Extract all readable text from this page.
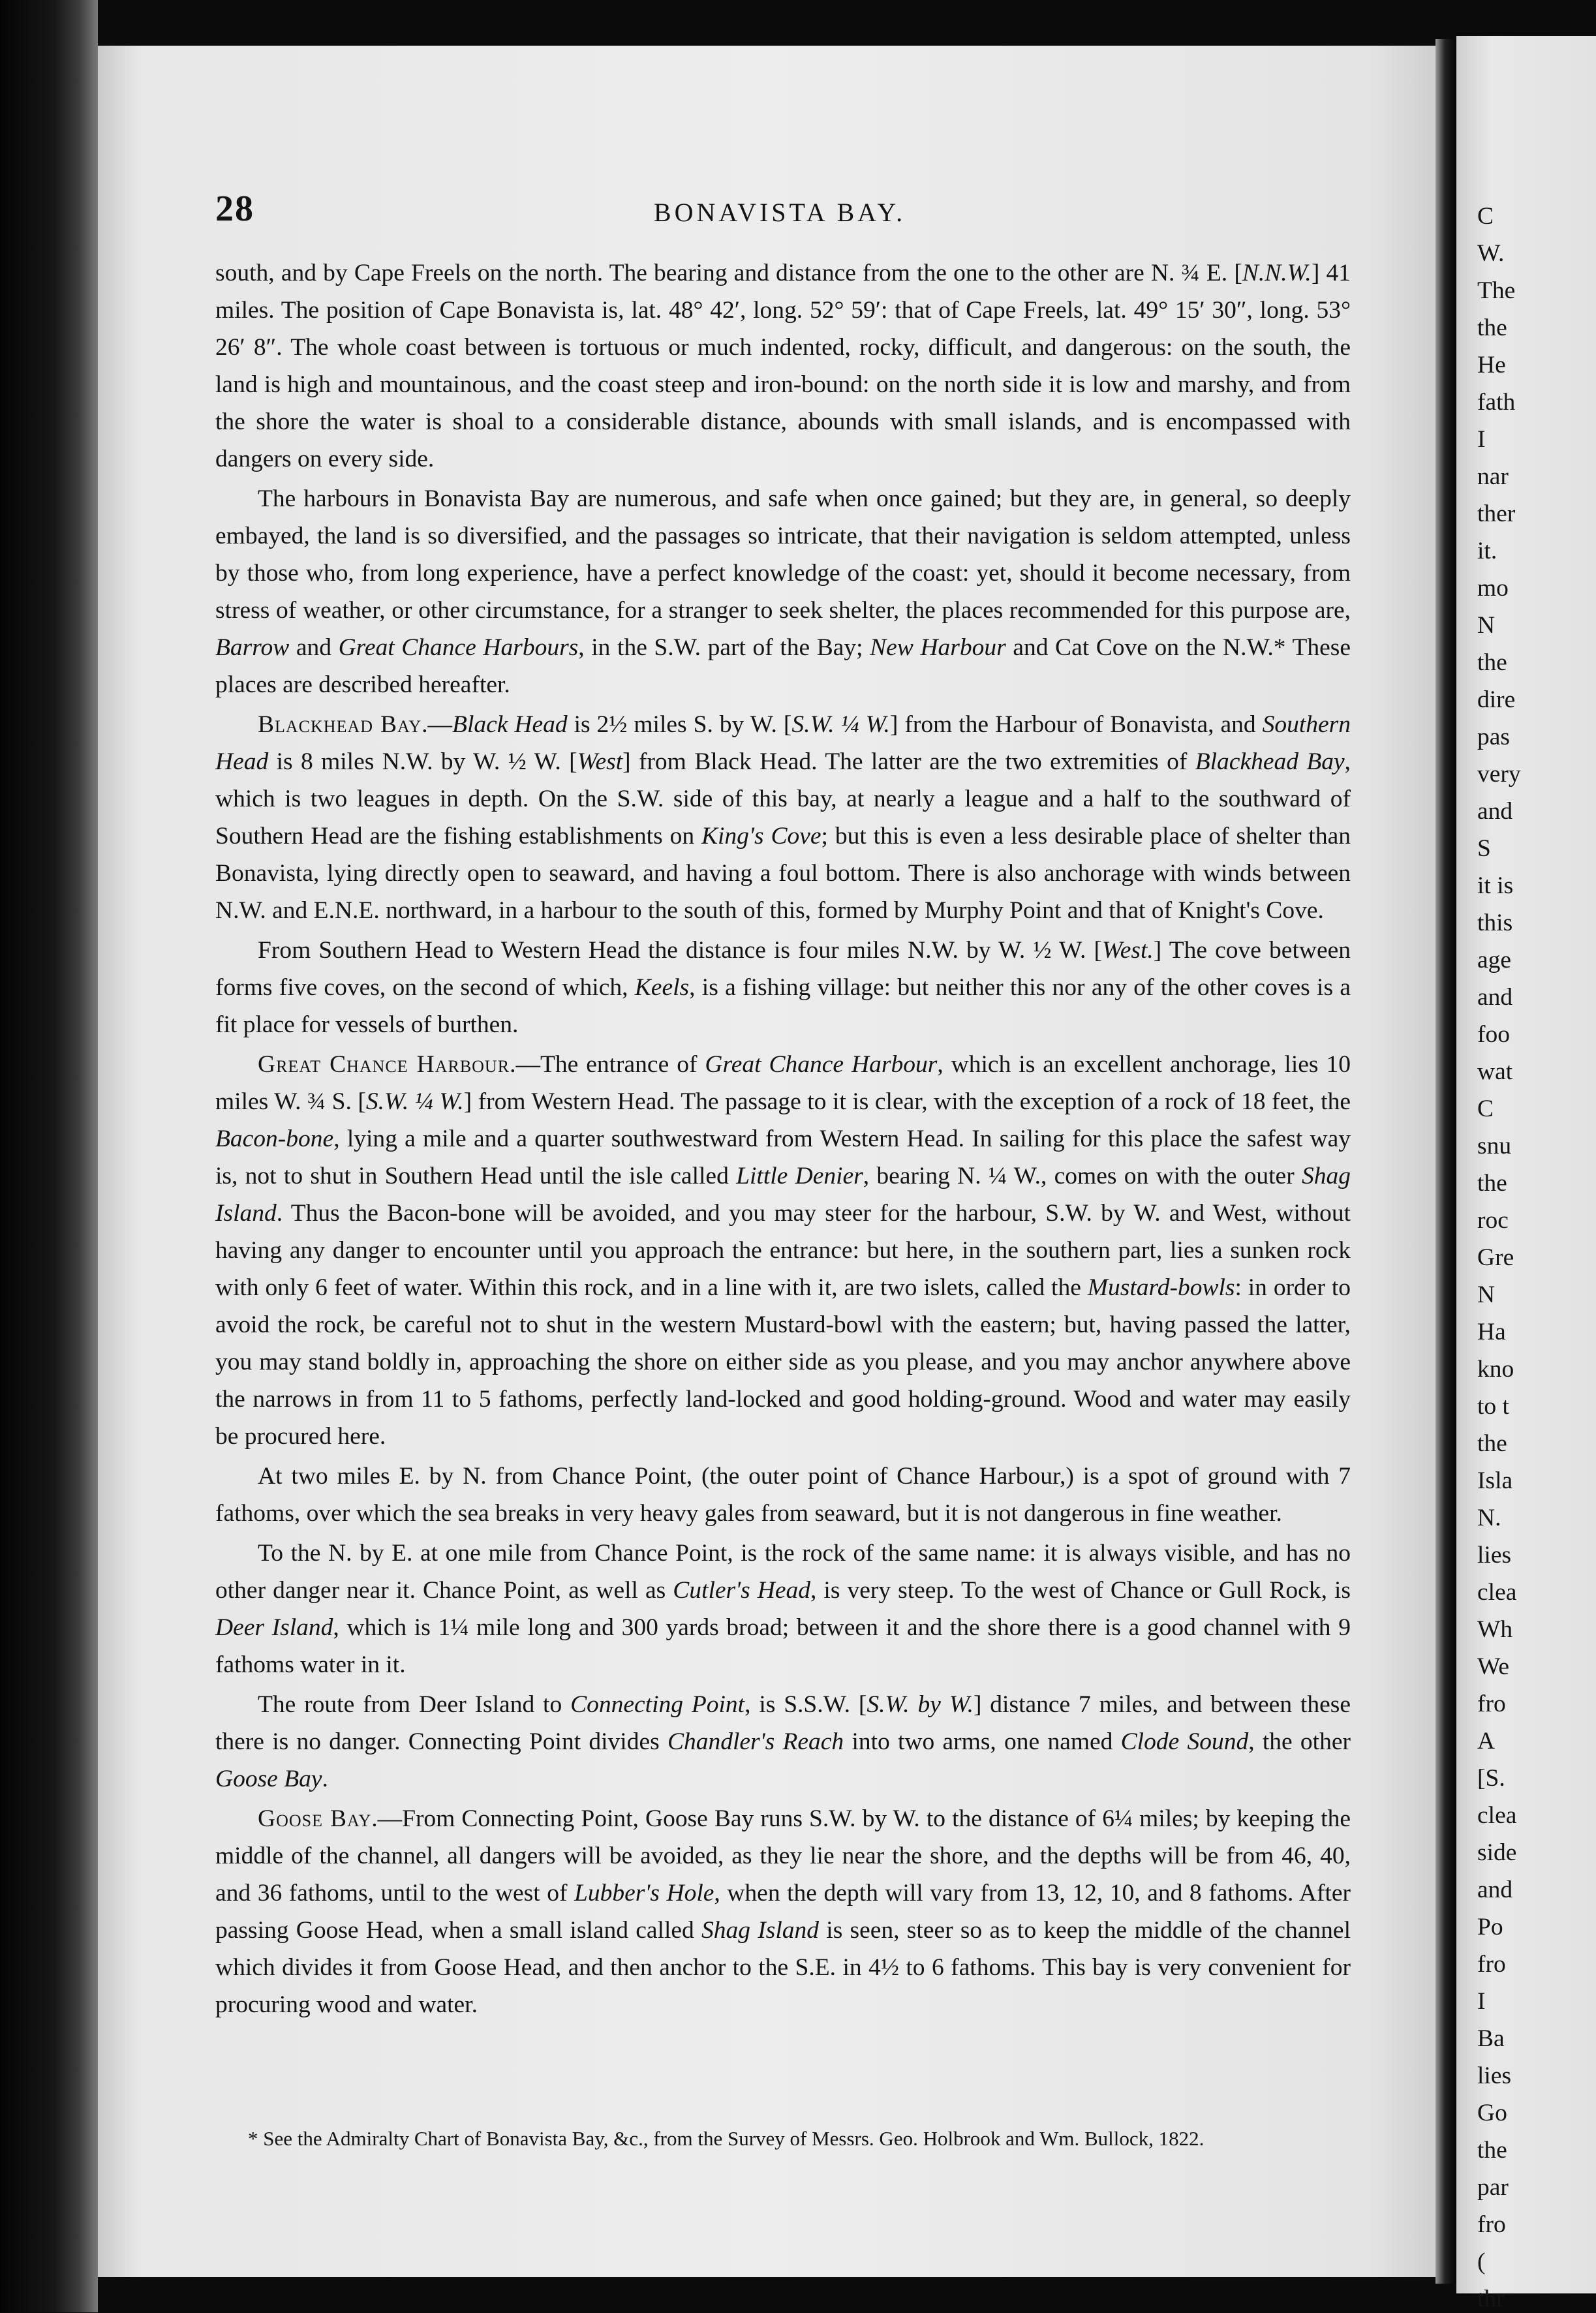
28	BONAVISTA BAY.

south, and by Cape Freels on the north. The bearing and distance from the one to the other are N. ¾ E. [N.N.W.] 41 miles. The position of Cape Bonavista is, lat. 48° 42′, long. 52° 59′: that of Cape Freels, lat. 49° 15′ 30″, long. 53° 26′ 8″. The whole coast between is tortuous or much indented, rocky, difficult, and dangerous: on the south, the land is high and mountainous, and the coast steep and iron-bound: on the north side it is low and marshy, and from the shore the water is shoal to a considerable distance, abounds with small islands, and is encompassed with dangers on every side.

The harbours in Bonavista Bay are numerous, and safe when once gained; but they are, in general, so deeply embayed, the land is so diversified, and the passages so intricate, that their navigation is seldom attempted, unless by those who, from long experience, have a perfect knowledge of the coast: yet, should it become necessary, from stress of weather, or other circumstance, for a stranger to seek shelter, the places recommended for this purpose are, Barrow and Great Chance Harbours, in the S.W. part of the Bay; New Harbour and Cat Cove on the N.W.* These places are described hereafter.

Blackhead Bay.—Black Head is 2½ miles S. by W. [S.W. ¼ W.] from the Harbour of Bonavista, and Southern Head is 8 miles N.W. by W. ½ W. [West] from Black Head. The latter are the two extremities of Blackhead Bay, which is two leagues in depth. On the S.W. side of this bay, at nearly a league and a half to the southward of Southern Head are the fishing establishments on King's Cove; but this is even a less desirable place of shelter than Bonavista, lying directly open to seaward, and having a foul bottom. There is also anchorage with winds between N.W. and E.N.E. northward, in a harbour to the south of this, formed by Murphy Point and that of Knight's Cove.

From Southern Head to Western Head the distance is four miles N.W. by W. ½ W. [West.] The cove between forms five coves, on the second of which, Keels, is a fishing village: but neither this nor any of the other coves is a fit place for vessels of burthen.

Great Chance Harbour.—The entrance of Great Chance Harbour, which is an excellent anchorage, lies 10 miles W. ¾ S. [S.W. ¼ W.] from Western Head. The passage to it is clear, with the exception of a rock of 18 feet, the Bacon-bone, lying a mile and a quarter southwestward from Western Head. In sailing for this place the safest way is, not to shut in Southern Head until the isle called Little Denier, bearing N. ¼ W., comes on with the outer Shag Island. Thus the Bacon-bone will be avoided, and you may steer for the harbour, S.W. by W. and West, without having any danger to encounter until you approach the entrance: but here, in the southern part, lies a sunken rock with only 6 feet of water. Within this rock, and in a line with it, are two islets, called the Mustard-bowls: in order to avoid the rock, be careful not to shut in the western Mustard-bowl with the eastern; but, having passed the latter, you may stand boldly in, approaching the shore on either side as you please, and you may anchor anywhere above the narrows in from 11 to 5 fathoms, perfectly land-locked and good holding-ground. Wood and water may easily be procured here.

At two miles E. by N. from Chance Point, (the outer point of Chance Harbour,) is a spot of ground with 7 fathoms, over which the sea breaks in very heavy gales from seaward, but it is not dangerous in fine weather.

To the N. by E. at one mile from Chance Point, is the rock of the same name: it is always visible, and has no other danger near it. Chance Point, as well as Cutler's Head, is very steep. To the west of Chance or Gull Rock, is Deer Island, which is 1¼ mile long and 300 yards broad; between it and the shore there is a good channel with 9 fathoms water in it.

The route from Deer Island to Connecting Point, is S.S.W. [S.W. by W.] distance 7 miles, and between these there is no danger. Connecting Point divides Chandler's Reach into two arms, one named Clode Sound, the other Goose Bay.

Goose Bay.—From Connecting Point, Goose Bay runs S.W. by W. to the distance of 6¼ miles; by keeping the middle of the channel, all dangers will be avoided, as they lie near the shore, and the depths will be from 46, 40, and 36 fathoms, until to the west of Lubber's Hole, when the depth will vary from 13, 12, 10, and 8 fathoms. After passing Goose Head, when a small island called Shag Island is seen, steer so as to keep the middle of the channel which divides it from Goose Head, and then anchor to the S.E. in 4½ to 6 fathoms. This bay is very convenient for procuring wood and water.

* See the Admiralty Chart of Bonavista Bay, &c., from the Survey of Messrs. Geo. Holbrook and Wm. Bullock, 1822.
C
W.
The
the
He
fath
I
nar
ther
it.
mo
N
the
dire
pas
very
and
S
it is
this
age
and
foo
wat
C
snu
the
roc
Gre
N
Ha
kno
to t
the
Isla
N.
lies
clea
Wh
We
fro
A
[S.
clea
side
and
Po
fro
I
Ba
lies
Go
the
par
fro
(
thr
